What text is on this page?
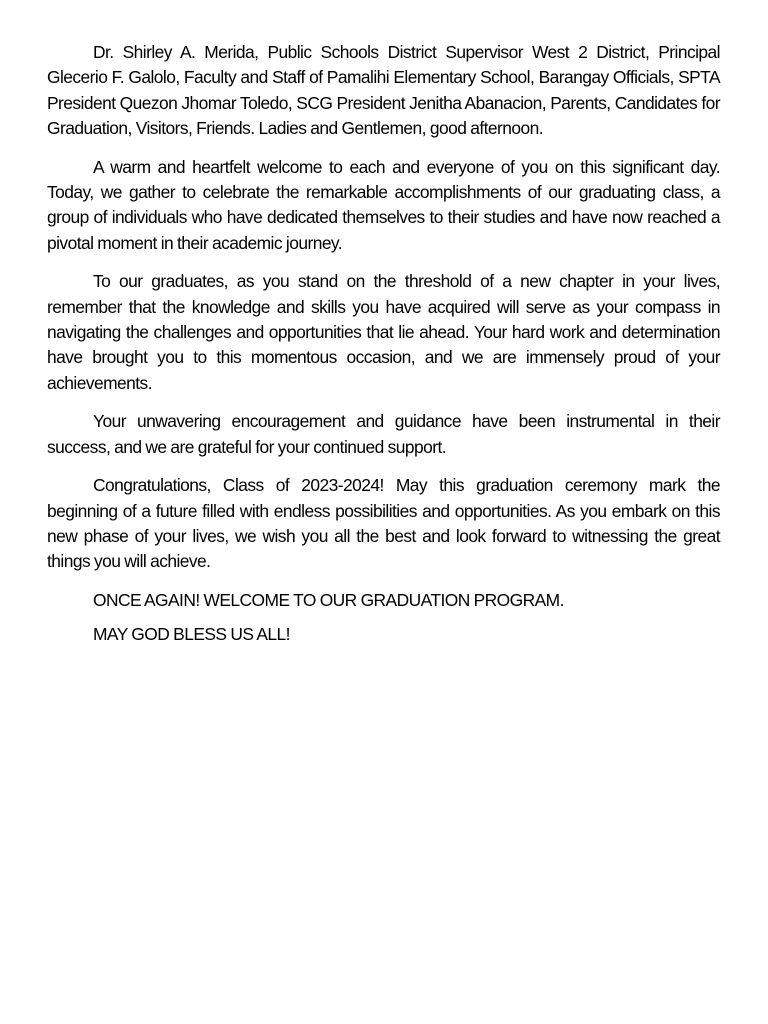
Dr. Shirley A. Merida, Public Schools District Supervisor West 2 District, Principal Glecerio F. Galolo, Faculty and Staff of Pamalihi Elementary School, Barangay Officials, SPTA President Quezon Jhomar Toledo, SCG President Jenitha Abanacion, Parents, Candidates for Graduation, Visitors, Friends. Ladies and Gentlemen, good afternoon.

A warm and heartfelt welcome to each and everyone of you on this significant day. Today, we gather to celebrate the remarkable accomplishments of our graduating class, a group of individuals who have dedicated themselves to their studies and have now reached a pivotal moment in their academic journey.

To our graduates, as you stand on the threshold of a new chapter in your lives, remember that the knowledge and skills you have acquired will serve as your compass in navigating the challenges and opportunities that lie ahead. Your hard work and determination have brought you to this momentous occasion, and we are immensely proud of your achievements.

Your unwavering encouragement and guidance have been instrumental in their success, and we are grateful for your continued support.

Congratulations, Class of 2023-2024! May this graduation ceremony mark the beginning of a future filled with endless possibilities and opportunities. As you embark on this new phase of your lives, we wish you all the best and look forward to witnessing the great things you will achieve.

ONCE AGAIN! WELCOME TO OUR GRADUATION PROGRAM.

MAY GOD BLESS US ALL!
